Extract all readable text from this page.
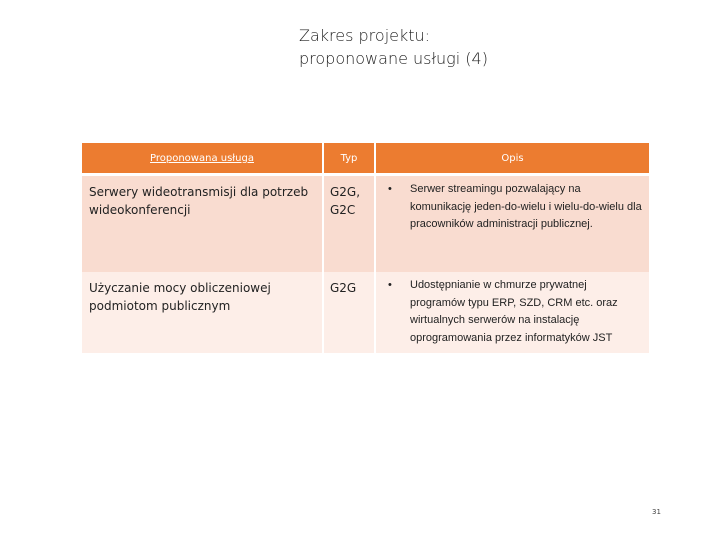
Zakres projektu:
proponowane usługi (4)
Proponowana usługa	Typ	Opis
Serwery wideotransmisji dla potrzeb wideokonferencji	G2G, G2C	• Serwer streamingu pozwalający na komunikację jeden-do-wielu i wielu-do-wielu dla pracowników administracji publicznej.

Użyczanie mocy obliczeniowej podmiotom publicznym	G2G	• Udostępnianie w chmurze prywatnej programów typu ERP, SZD, CRM etc. oraz wirtualnych serwerów na instalację oprogramowania przez informatyków JST
31
